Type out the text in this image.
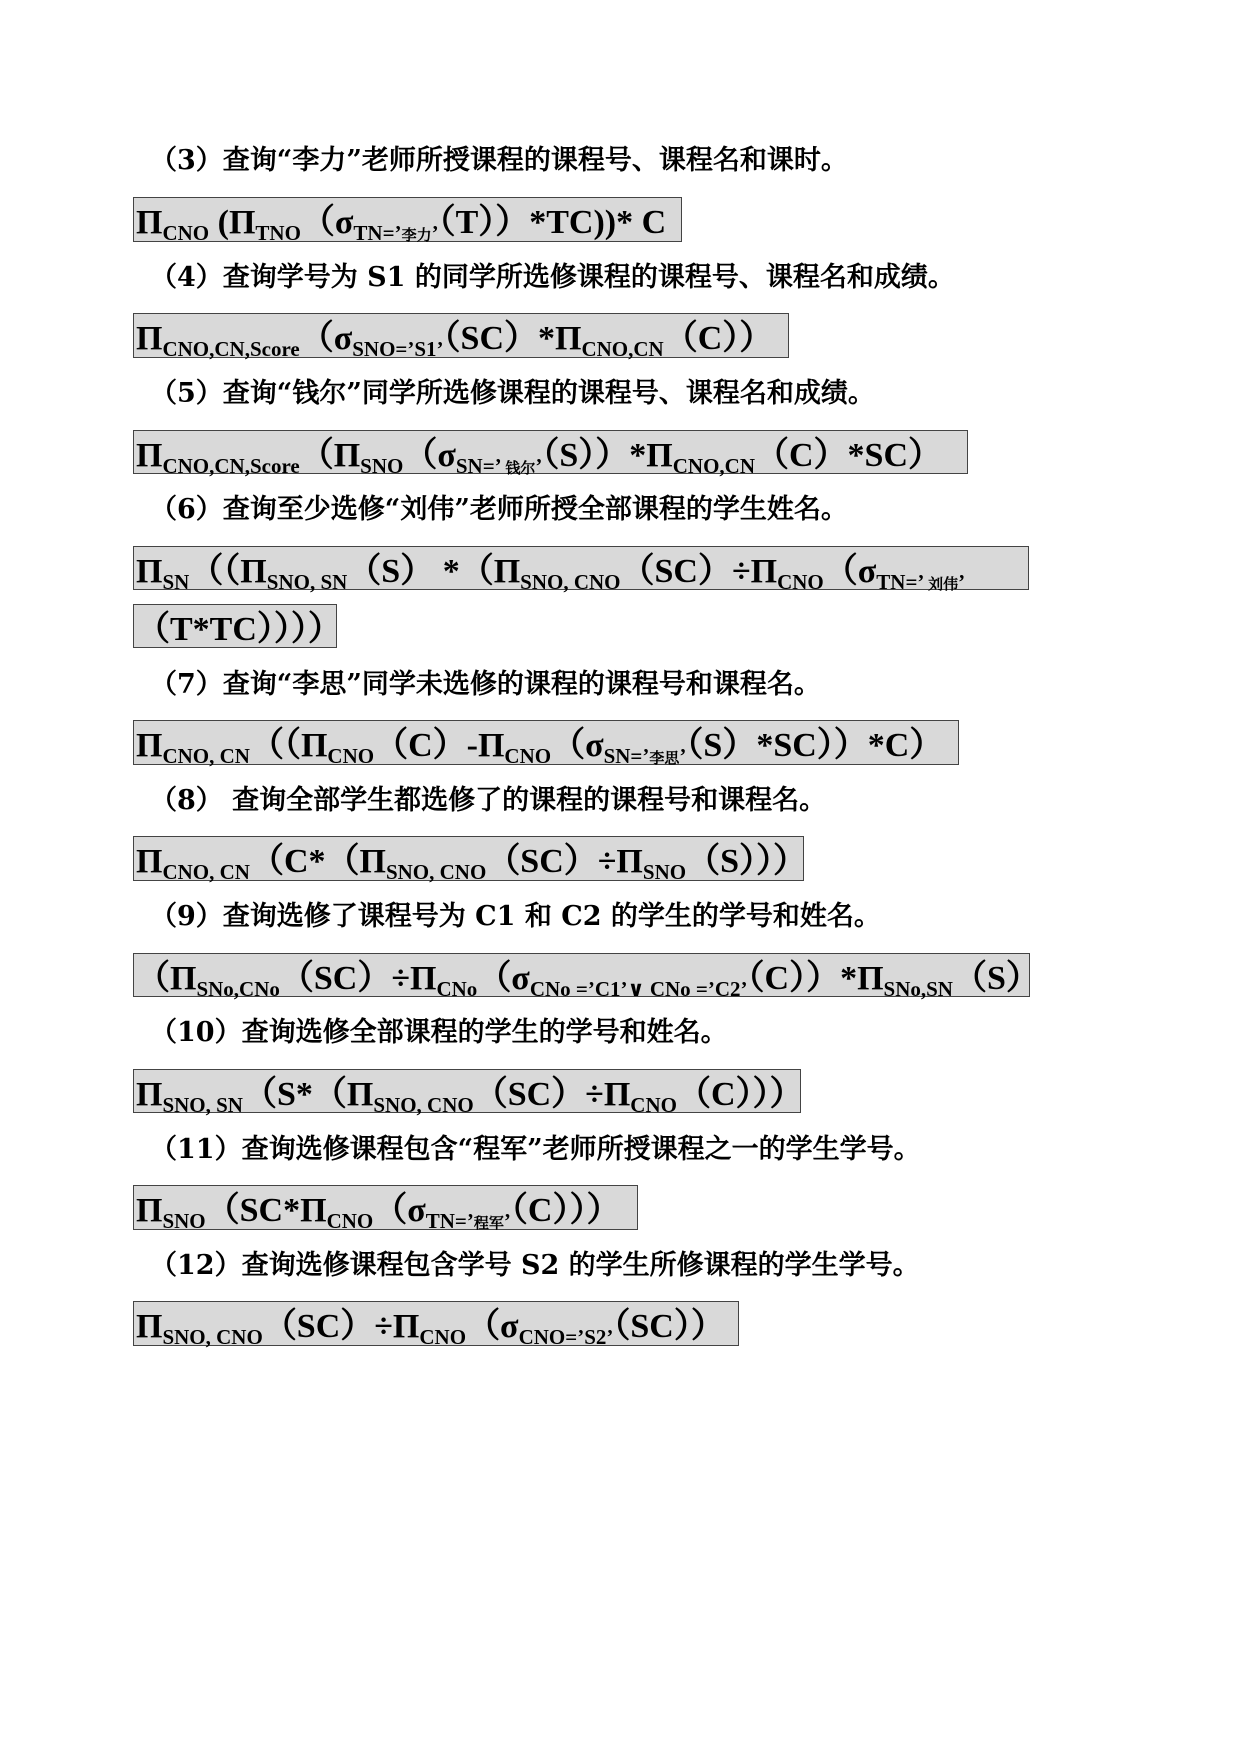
（3）查询“李力”老师所授课程的课程号、课程名和课时。
$\Pi_{CNO}$ $(\Pi_{TNO}(\sigma_{TN=’李力’}(T))*TC))*$ C
（4）查询学号为 S1 的同学所选修课程的课程号、课程名和成绩。
$\Pi_{CNO,CN,Score}(\sigma_{SNO=’S1’}(SC)*\Pi_{CNO,CN}(C))$
（5）查询“钱尔”同学所选修课程的课程号、课程名和成绩。
$\Pi_{CNO,CN,Score}(\Pi_{SNO}(\sigma_{SN=’ 钱尔’}(S))*\Pi_{CNO,CN}(C)*SC)$
（6）查询至少选修“刘伟”老师所授全部课程的学生姓名。
$\Pi_{SN}((\Pi_{SNO, SN}(S)$ $*(\Pi_{SNO, CNO}(SC)\div\Pi_{CNO}(\sigma_{TN=’ 刘伟’}$
（T*TC））））
（7）查询“李思”同学未选修的课程的课程号和课程名。
$\Pi_{CNO, CN}((\Pi_{CNO}(C)-\Pi_{CNO}(\sigma_{SN=’李思’}(S)*SC))*C)$
（8） 查询全部学生都选修了的课程的课程号和课程名。
$\Pi_{CNO, CN}(C*(\Pi_{SNO, CNO}(SC)\div\Pi_{SNO}(S)))$
（9）查询选修了课程号为 C1 和 C2 的学生的学号和姓名。
（$\Pi_{SNo,CNo}(SC)\div\Pi_{CNo}(\sigma_{CNo =’C1’\vee CNo =’C2’}(C))*\Pi_{SNo,SN}(S)$
（10）查询选修全部课程的学生的学号和姓名。
$\Pi_{SNO, SN}(S*(\Pi_{SNO, CNO}(SC)\div\Pi_{CNO}(C)))$
（11）查询选修课程包含“程军”老师所授课程之一的学生学号。
$\Pi_{SNO}(SC*\Pi_{CNO}(\sigma_{TN=’程军’}(C)))$
（12）查询选修课程包含学号 S2 的学生所修课程的学生学号。
$\Pi_{SNO, CNO}(SC)\div\Pi_{CNO}(\sigma_{CNO=’S2’}(SC))$
